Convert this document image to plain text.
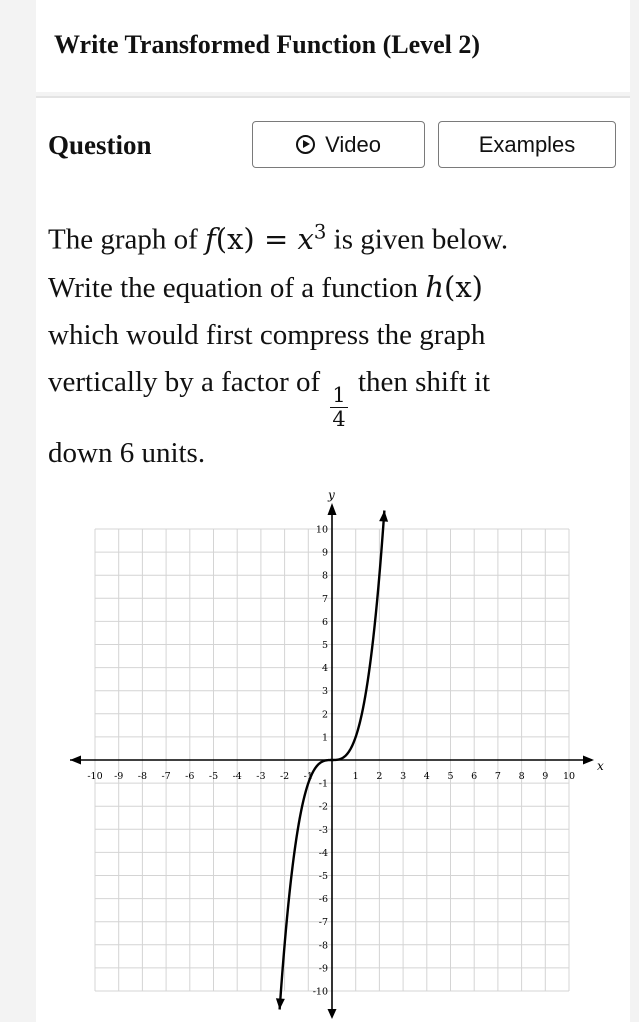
Write Transformed Function (Level 2)
Question	Video	Examples
The graph of $f(x) = x^3$ is given below.
Write the equation of a function h(x)
which would first compress the graph
vertically by a factor of
$\frac{1}{4}$
then shift it
down 6 units.
x
y
-10 -9 -8 -7 -6 -5 -4 -3 -2 -1	1 2 3 4 5 6 7 8 9 10
10
9
8
7
6
5
4
3
2
1
-1
-2
-3
-4
-5
-6
-7
-8
-9
-10
